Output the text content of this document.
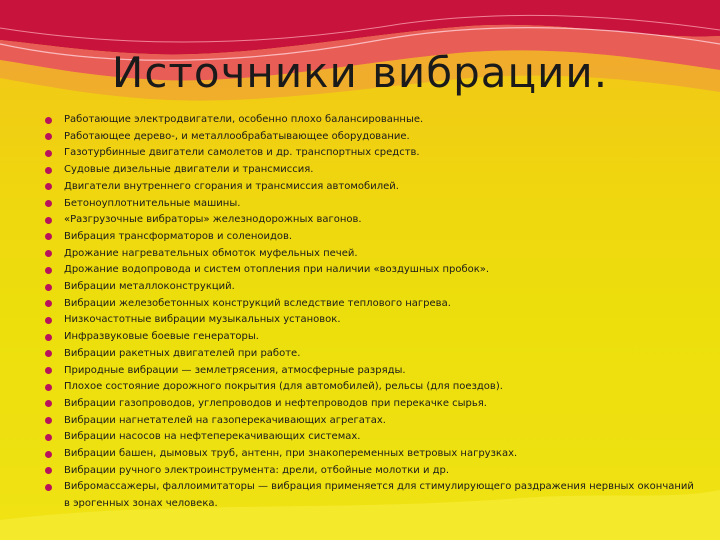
Источники вибрации.
Работающие электродвигатели, особенно плохо балансированные.
Работающее дерево-, и металлообрабатывающее оборудование.
Газотурбинные двигатели самолетов и др. транспортных средств.
Судовые дизельные двигатели и трансмиссия.
Двигатели внутреннего сгорания и трансмиссия автомобилей.
Бетоноуплотнительные машины.
«Разгрузочные вибраторы» железнодорожных вагонов.
Вибрация трансформаторов и соленоидов.
Дрожание нагревательных обмоток муфельных печей.
Дрожание водопровода и систем отопления при наличии «воздушных пробок».
Вибрации металлоконструкций.
Вибрации железобетонных конструкций вследствие теплового нагрева.
Низкочастотные вибрации музыкальных установок.
Инфразвуковые боевые генераторы.
Вибрации ракетных двигателей при работе.
Природные вибрации — землетрясения, атмосферные разряды.
Плохое состояние дорожного покрытия (для автомобилей), рельсы (для поездов).
Вибрации газопроводов, углепроводов и нефтепроводов при перекачке сырья.
Вибрации нагнетателей на газоперекачивающих агрегатах.
Вибрации насосов на нефтеперекачивающих системах.
Вибрации башен, дымовых труб, антенн, при знакопеременных ветровых нагрузках.
Вибрации ручного электроинструмента: дрели, отбойные молотки и др.
Вибромассажеры, фаллоимитаторы — вибрация применяется для стимулирующего раздражения нервных окончаний в эрогенных зонах человека.
